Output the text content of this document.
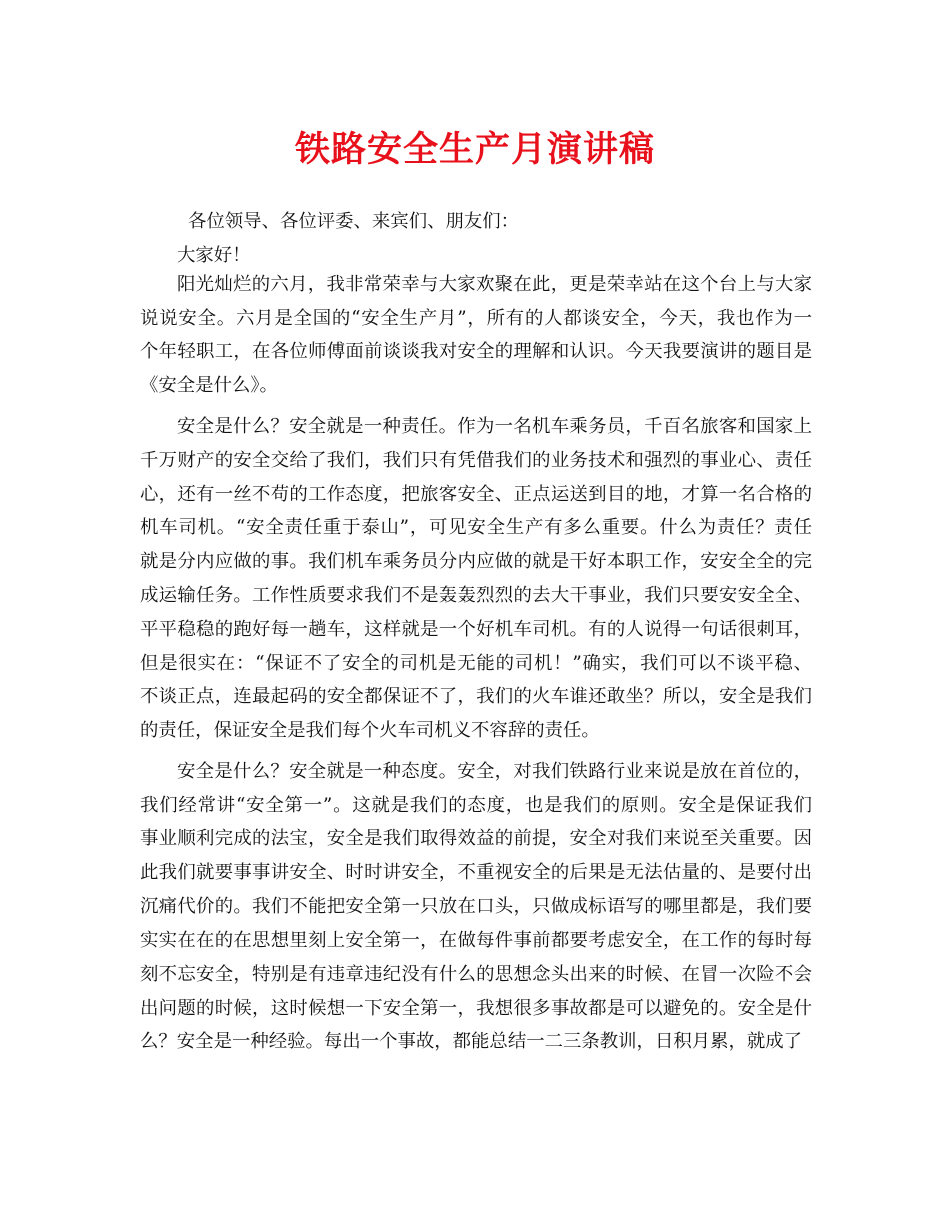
铁路安全生产月演讲稿
各位领导、各位评委、来宾们、朋友们：
大家好！
阳光灿烂的六月，我非常荣幸与大家欢聚在此，更是荣幸站在这个台上与大家
说说安全。六月是全国的“安全生产月”，所有的人都谈安全，今天，我也作为一
个年轻职工，在各位师傅面前谈谈我对安全的理解和认识。今天我要演讲的题目是
《安全是什么》。
安全是什么？安全就是一种责任。作为一名机车乘务员，千百名旅客和国家上
千万财产的安全交给了我们，我们只有凭借我们的业务技术和强烈的事业心、责任
心，还有一丝不苟的工作态度，把旅客安全、正点运送到目的地，才算一名合格的
机车司机。“安全责任重于泰山”，可见安全生产有多么重要。什么为责任？责任
就是分内应做的事。我们机车乘务员分内应做的就是干好本职工作，安安全全的完
成运输任务。工作性质要求我们不是轰轰烈烈的去大干事业，我们只要安安全全、
平平稳稳的跑好每一趟车，这样就是一个好机车司机。有的人说得一句话很刺耳，
但是很实在：“保证不了安全的司机是无能的司机！”确实，我们可以不谈平稳、
不谈正点，连最起码的安全都保证不了，我们的火车谁还敢坐？所以，安全是我们
的责任，保证安全是我们每个火车司机义不容辞的责任。
安全是什么？安全就是一种态度。安全，对我们铁路行业来说是放在首位的，
我们经常讲“安全第一”。这就是我们的态度，也是我们的原则。安全是保证我们
事业顺利完成的法宝，安全是我们取得效益的前提，安全对我们来说至关重要。因
此我们就要事事讲安全、时时讲安全，不重视安全的后果是无法估量的、是要付出
沉痛代价的。我们不能把安全第一只放在口头，只做成标语写的哪里都是，我们要
实实在在的在思想里刻上安全第一，在做每件事前都要考虑安全，在工作的每时每
刻不忘安全，特别是有违章违纪没有什么的思想念头出来的时候、在冒一次险不会
出问题的时候，这时候想一下安全第一，我想很多事故都是可以避免的。安全是什
么？安全是一种经验。每出一个事故，都能总结一二三条教训，日积月累，就成了
